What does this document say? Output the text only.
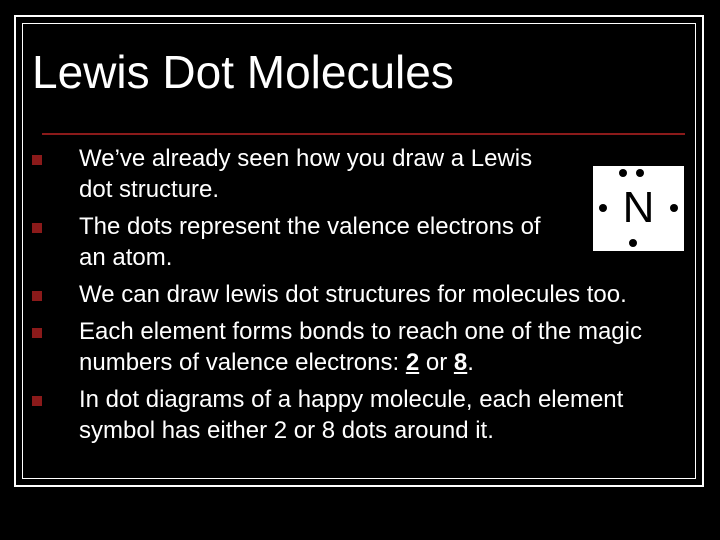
Lewis Dot Molecules
We’ve already seen how you draw a Lewis dot structure.
The dots represent the valence electrons of an atom.
We can draw lewis dot structures for molecules too.
Each element forms bonds to reach one of the magic numbers of valence electrons: 2 or 8.
In dot diagrams of a happy molecule, each element symbol has either 2 or 8 dots around it.
N
